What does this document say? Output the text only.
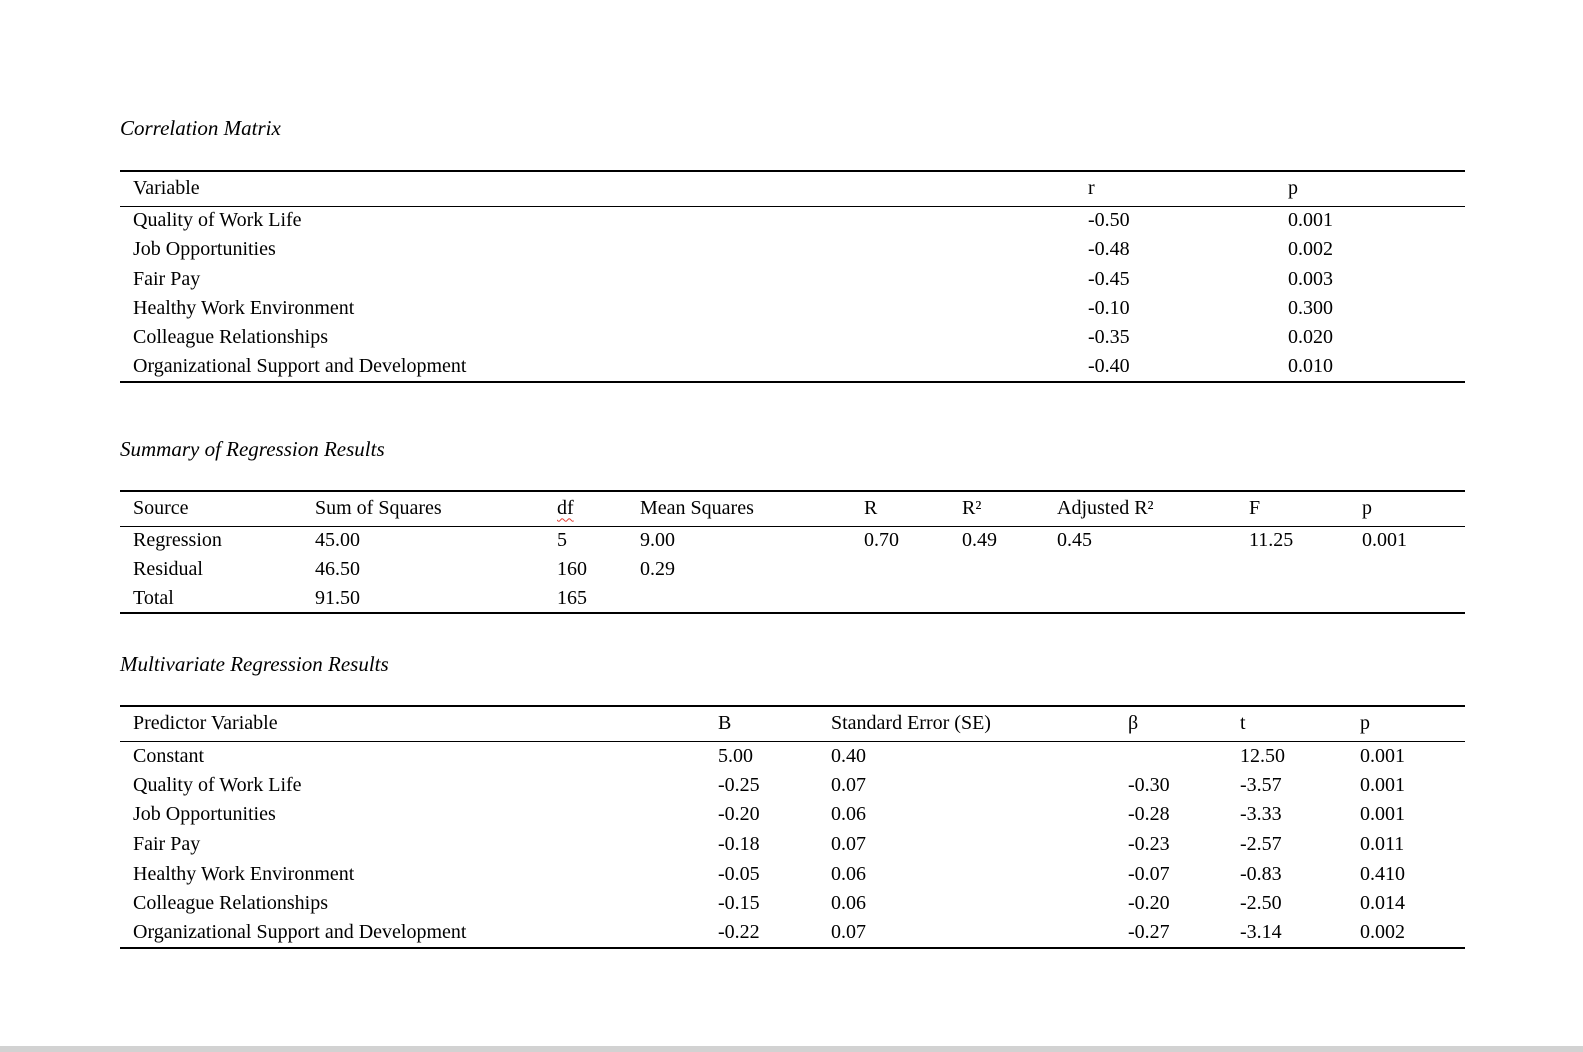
Correlation Matrix
Variable	r	p
Quality of Work Life	-0.50	0.001
Job Opportunities	-0.48	0.002
Fair Pay	-0.45	0.003
Healthy Work Environment	-0.10	0.300
Colleague Relationships	-0.35	0.020
Organizational Support and Development	-0.40	0.010
Summary of Regression Results
Source	Sum of Squares	df	Mean Squares	R	R²	Adjusted R²	F	p
Regression	45.00	5	9.00	0.70	0.49	0.45	11.25	0.001
Residual	46.50	160	0.29					
Total	91.50	165						
Multivariate Regression Results
Predictor Variable	B	Standard Error (SE)	β	t	p
Constant	5.00	0.40		12.50	0.001
Quality of Work Life	-0.25	0.07	-0.30	-3.57	0.001
Job Opportunities	-0.20	0.06	-0.28	-3.33	0.001
Fair Pay	-0.18	0.07	-0.23	-2.57	0.011
Healthy Work Environment	-0.05	0.06	-0.07	-0.83	0.410
Colleague Relationships	-0.15	0.06	-0.20	-2.50	0.014
Organizational Support and Development	-0.22	0.07	-0.27	-3.14	0.002
